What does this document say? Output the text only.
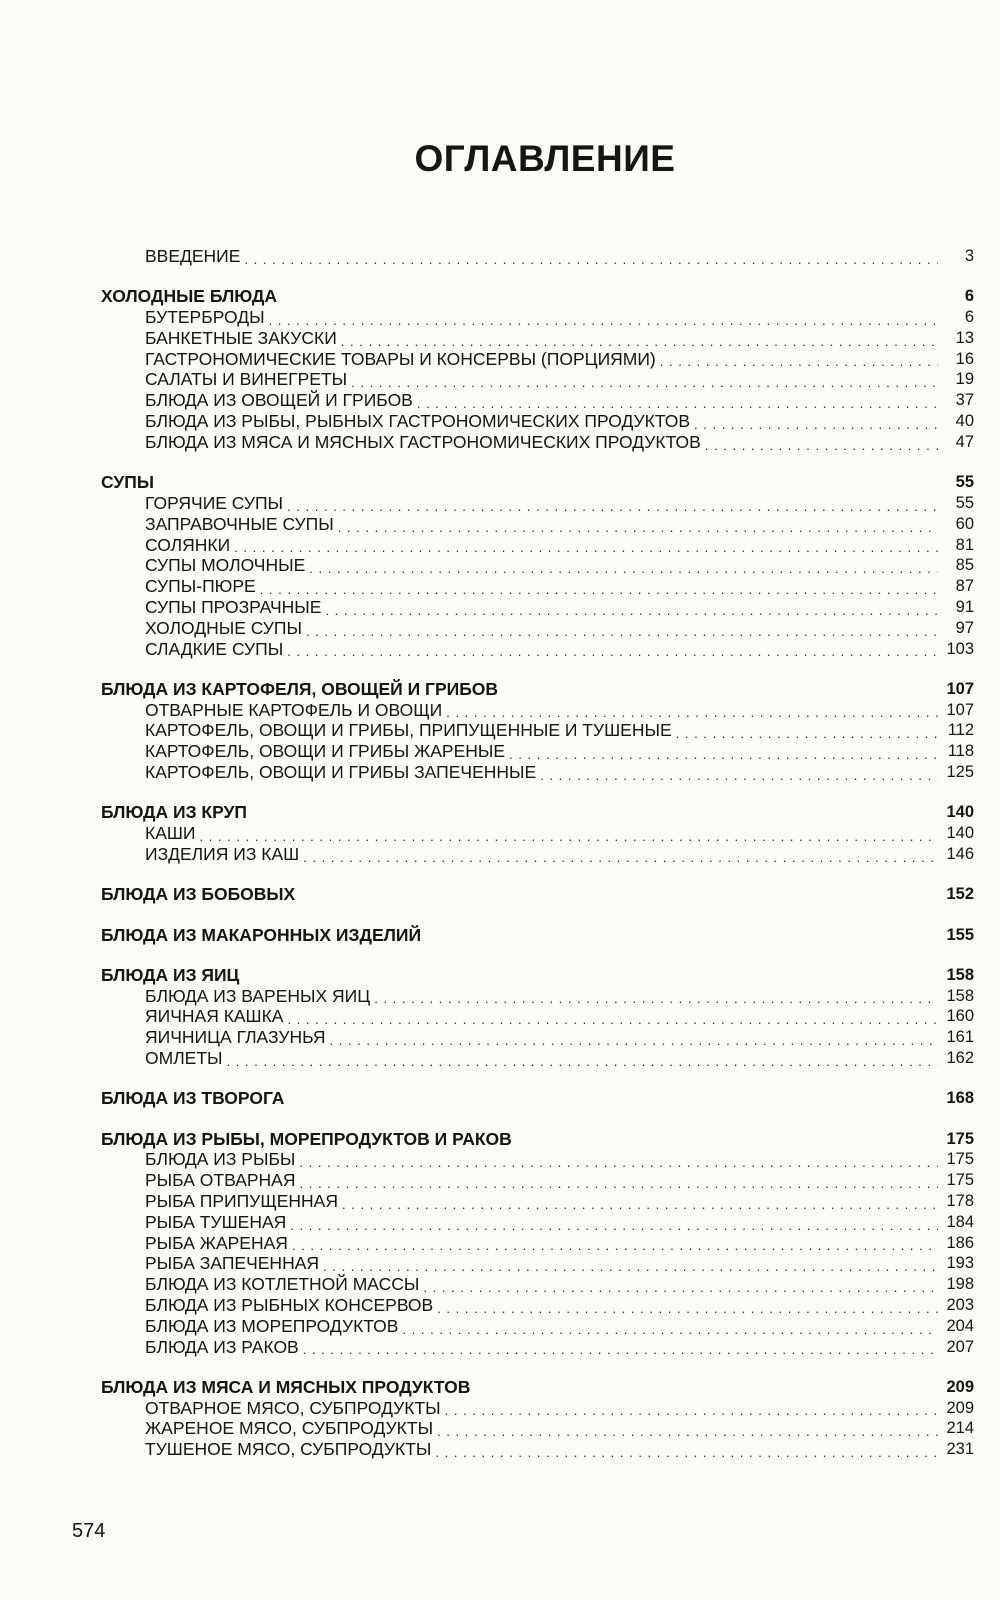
ОГЛАВЛЕНИЕ
ВВЕДЕНИЕ . . .	3
ХОЛОДНЫЕ БЛЮДА	6
БУТЕРБРОДЫ . . .	6
БАНКЕТНЫЕ ЗАКУСКИ . . .	13
ГАСТРОНОМИЧЕСКИЕ ТОВАРЫ И КОНСЕРВЫ (ПОРЦИЯМИ) . . .	16
САЛАТЫ И ВИНЕГРЕТЫ . . .	19
БЛЮДА ИЗ ОВОЩЕЙ И ГРИБОВ . . .	37
БЛЮДА ИЗ РЫБЫ, РЫБНЫХ ГАСТРОНОМИЧЕСКИХ ПРОДУКТОВ . . .	40
БЛЮДА ИЗ МЯСА И МЯСНЫХ ГАСТРОНОМИЧЕСКИХ ПРОДУКТОВ . . .	47
СУПЫ	55
ГОРЯЧИЕ СУПЫ . . .	55
ЗАПРАВОЧНЫЕ СУПЫ . . .	60
СОЛЯНКИ . . .	81
СУПЫ МОЛОЧНЫЕ . . .	85
СУПЫ-ПЮРЕ . . .	87
СУПЫ ПРОЗРАЧНЫЕ . . .	91
ХОЛОДНЫЕ СУПЫ . . .	97
СЛАДКИЕ СУПЫ . . .	103
БЛЮДА ИЗ КАРТОФЕЛЯ, ОВОЩЕЙ И ГРИБОВ	107
ОТВАРНЫЕ КАРТОФЕЛЬ И ОВОЩИ . . .	107
КАРТОФЕЛЬ, ОВОЩИ И ГРИБЫ, ПРИПУЩЕННЫЕ И ТУШЕНЫЕ . . .	112
КАРТОФЕЛЬ, ОВОЩИ И ГРИБЫ ЖАРЕНЫЕ . . .	118
КАРТОФЕЛЬ, ОВОЩИ И ГРИБЫ ЗАПЕЧЕННЫЕ . . .	125
БЛЮДА ИЗ КРУП	140
КАШИ . . .	140
ИЗДЕЛИЯ ИЗ КАШ . . .	146
БЛЮДА ИЗ БОБОВЫХ	152
БЛЮДА ИЗ МАКАРОННЫХ ИЗДЕЛИЙ	155
БЛЮДА ИЗ ЯИЦ	158
БЛЮДА ИЗ ВАРЕНЫХ ЯИЦ . . .	158
ЯИЧНАЯ КАШКА . . .	160
ЯИЧНИЦА ГЛАЗУНЬЯ . . .	161
ОМЛЕТЫ . . .	162
БЛЮДА ИЗ ТВОРОГА	168
БЛЮДА ИЗ РЫБЫ, МОРЕПРОДУКТОВ И РАКОВ	175
БЛЮДА ИЗ РЫБЫ . . .	175
РЫБА ОТВАРНАЯ . . .	175
РЫБА ПРИПУЩЕННАЯ . . .	178
РЫБА ТУШЕНАЯ . . .	184
РЫБА ЖАРЕНАЯ . . .	186
РЫБА ЗАПЕЧЕННАЯ . . .	193
БЛЮДА ИЗ КОТЛЕТНОЙ МАССЫ . . .	198
БЛЮДА ИЗ РЫБНЫХ КОНСЕРВОВ . . .	203
БЛЮДА ИЗ МОРЕПРОДУКТОВ . . .	204
БЛЮДА ИЗ РАКОВ . . .	207
БЛЮДА ИЗ МЯСА И МЯСНЫХ ПРОДУКТОВ	209
ОТВАРНОЕ МЯСО, СУБПРОДУКТЫ . . .	209
ЖАРЕНОЕ МЯСО, СУБПРОДУКТЫ . . .	214
ТУШЕНОЕ МЯСО, СУБПРОДУКТЫ . . .	231

574
